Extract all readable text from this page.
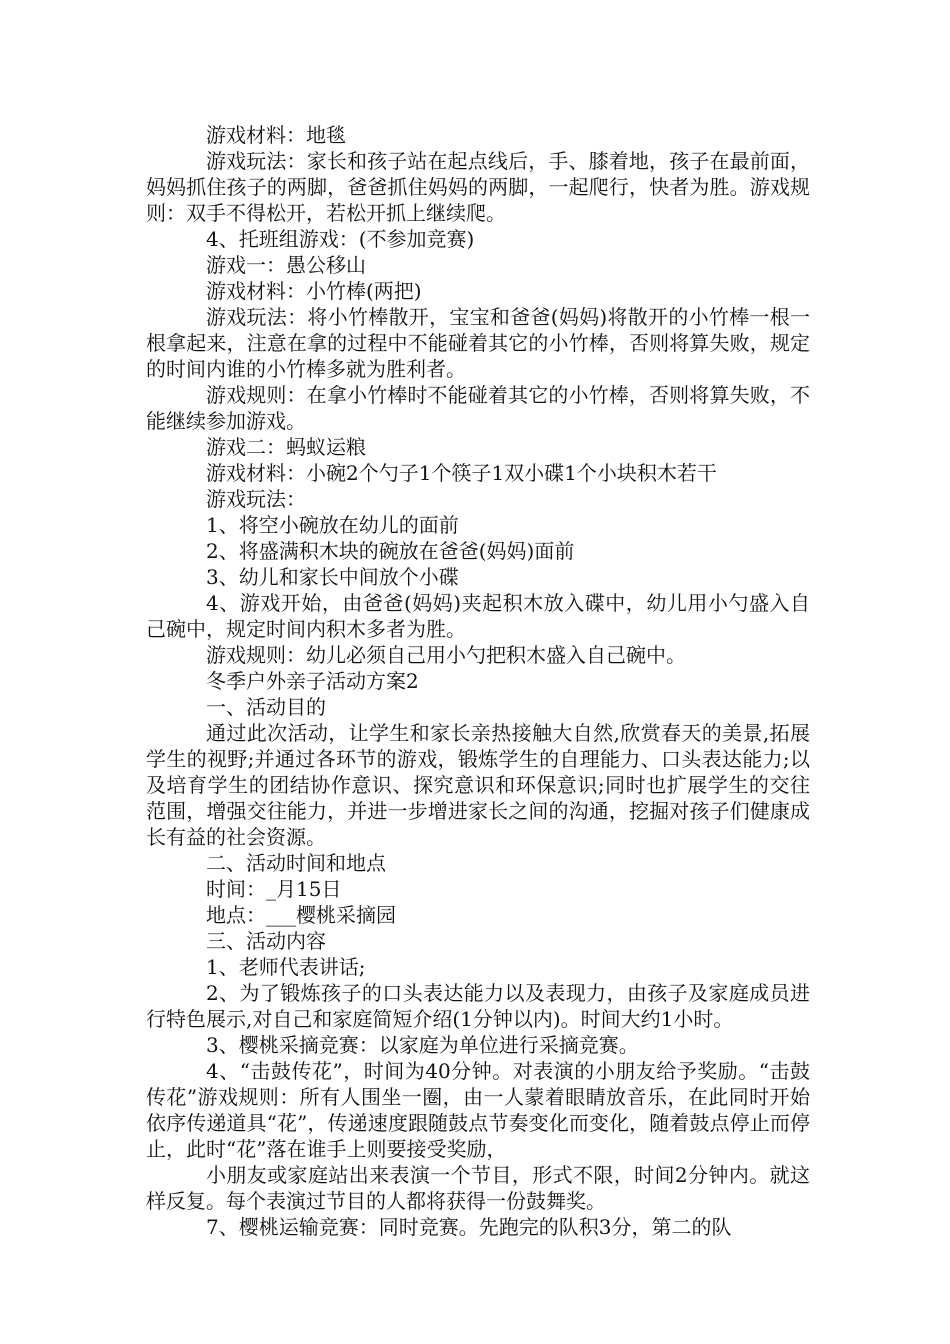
游戏材料：地毯

游戏玩法：家长和孩子站在起点线后，手、膝着地，孩子在最前面，妈妈抓住孩子的两脚，爸爸抓住妈妈的两脚，一起爬行，快者为胜。游戏规则：双手不得松开，若松开抓上继续爬。

4、托班组游戏：(不参加竞赛)

游戏一：愚公移山

游戏材料：小竹棒(两把)

游戏玩法：将小竹棒散开，宝宝和爸爸(妈妈)将散开的小竹棒一根一根拿起来，注意在拿的过程中不能碰着其它的小竹棒，否则将算失败，规定的时间内谁的小竹棒多就为胜利者。

游戏规则：在拿小竹棒时不能碰着其它的小竹棒，否则将算失败，不能继续参加游戏。

游戏二：蚂蚁运粮

游戏材料：小碗2个勺子1个筷子1双小碟1个小块积木若干

游戏玩法：

1、将空小碗放在幼儿的面前

2、将盛满积木块的碗放在爸爸(妈妈)面前

3、幼儿和家长中间放个小碟

4、游戏开始，由爸爸(妈妈)夹起积木放入碟中，幼儿用小勺盛入自己碗中，规定时间内积木多者为胜。

游戏规则：幼儿必须自己用小勺把积木盛入自己碗中。

冬季户外亲子活动方案2

一、活动目的

通过此次活动，让学生和家长亲热接触大自然,欣赏春天的美景,拓展学生的视野;并通过各环节的游戏，锻炼学生的自理能力、口头表达能力;以及培育学生的团结协作意识、探究意识和环保意识;同时也扩展学生的交往范围，增强交往能力，并进一步增进家长之间的沟通，挖掘对孩子们健康成长有益的社会资源。

二、活动时间和地点

时间：_月15日

地点：___樱桃采摘园

三、活动内容

1、老师代表讲话;

2、为了锻炼孩子的口头表达能力以及表现力，由孩子及家庭成员进行特色展示,对自己和家庭简短介绍(1分钟以内)。时间大约1小时。

3、樱桃采摘竞赛：以家庭为单位进行采摘竞赛。

4、“击鼓传花”，时间为40分钟。对表演的小朋友给予奖励。“击鼓传花”游戏规则：所有人围坐一圈，由一人蒙着眼睛放音乐，在此同时开始依序传递道具“花”，传递速度跟随鼓点节奏变化而变化，随着鼓点停止而停止，此时“花”落在谁手上则要接受奖励，

小朋友或家庭站出来表演一个节目，形式不限，时间2分钟内。就这样反复。每个表演过节目的人都将获得一份鼓舞奖。

7、樱桃运输竞赛：同时竞赛。先跑完的队积3分，第二的队
